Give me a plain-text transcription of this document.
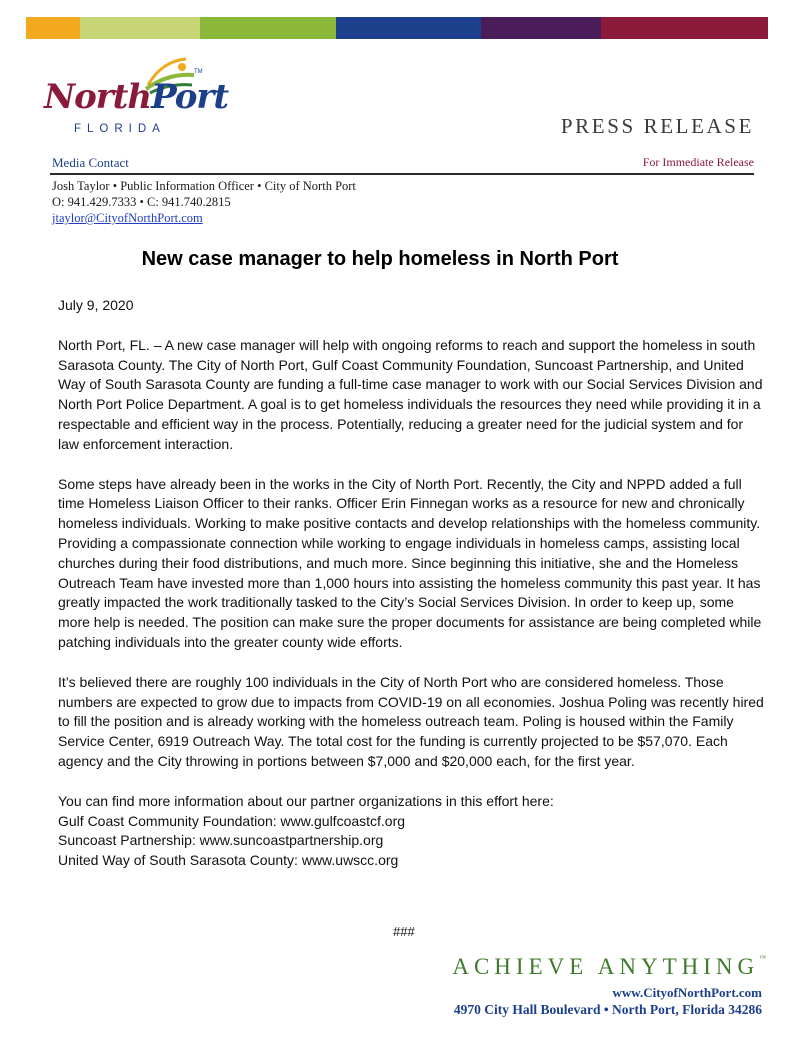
NorthPort
TM
FLORIDA	PRESS RELEASE
Media Contact	For Immediate Release
Josh Taylor • Public Information Officer • City of North Port
O: 941.429.7333 • C: 941.740.2815
jtaylor@CityofNorthPort.com
New case manager to help homeless in North Port

July 9, 2020

North Port, FL. – A new case manager will help with ongoing reforms to reach and support the homeless in south Sarasota County. The City of North Port, Gulf Coast Community Foundation, Suncoast Partnership, and United Way of South Sarasota County are funding a full-time case manager to work with our Social Services Division and North Port Police Department. A goal is to get homeless individuals the resources they need while providing it in a respectable and efficient way in the process. Potentially, reducing a greater need for the judicial system and for law enforcement interaction.

Some steps have already been in the works in the City of North Port. Recently, the City and NPPD added a full time Homeless Liaison Officer to their ranks. Officer Erin Finnegan works as a resource for new and chronically homeless individuals. Working to make positive contacts and develop relationships with the homeless community. Providing a compassionate connection while working to engage individuals in homeless camps, assisting local churches during their food distributions, and much more. Since beginning this initiative, she and the Homeless Outreach Team have invested more than 1,000 hours into assisting the homeless community this past year. It has greatly impacted the work traditionally tasked to the City’s Social Services Division. In order to keep up, some more help is needed. The position can make sure the proper documents for assistance are being completed while patching individuals into the greater county wide efforts.

It’s believed there are roughly 100 individuals in the City of North Port who are considered homeless. Those numbers are expected to grow due to impacts from COVID-19 on all economies. Joshua Poling was recently hired to fill the position and is already working with the homeless outreach team. Poling is housed within the Family Service Center, 6919 Outreach Way. The total cost for the funding is currently projected to be $57,070. Each agency and the City throwing in portions between $7,000 and $20,000 each, for the first year.

You can find more information about our partner organizations in this effort here:

Gulf Coast Community Foundation: www.gulfcoastcf.org

Suncoast Partnership: www.suncoastpartnership.org

United Way of South Sarasota County: www.uwscc.org

###
ACHIEVE ANYTHING™
www.CityofNorthPort.com
4970 City Hall Boulevard • North Port, Florida 34286
